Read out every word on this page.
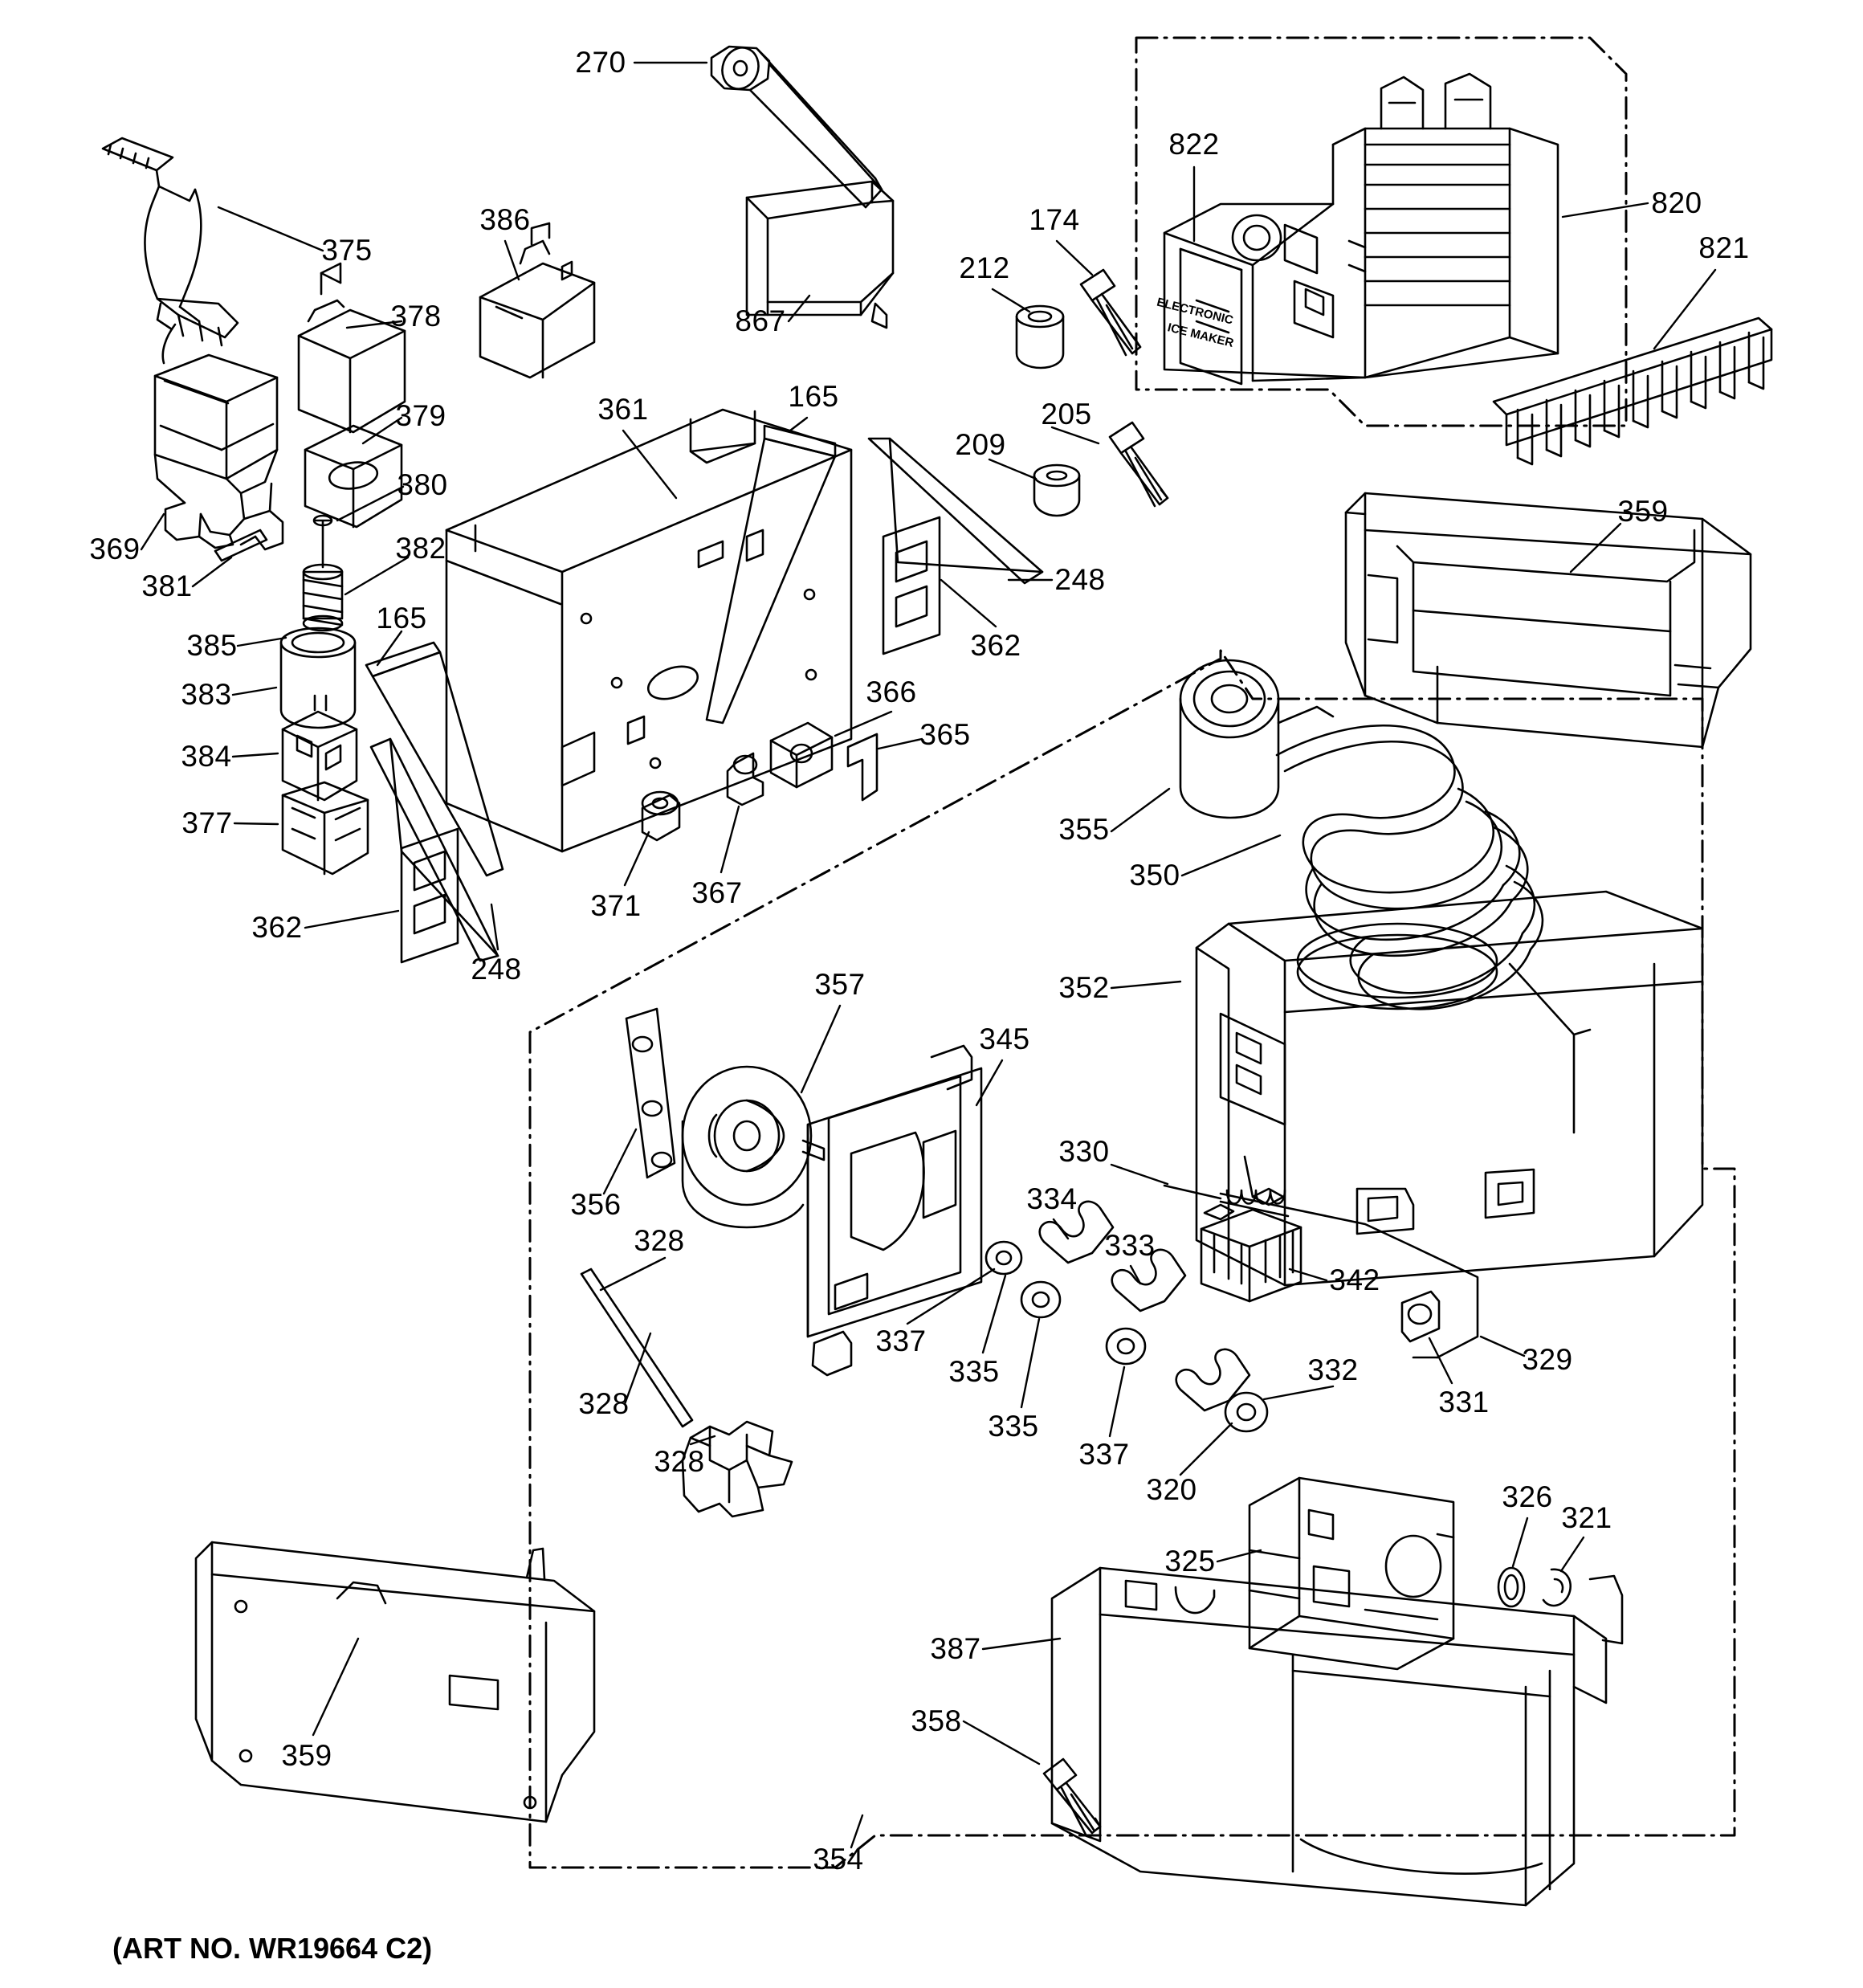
ELECTRONIC
ICE MAKER
270
375
386
867
212
174
822
820
821
378
379
380
361	165
205
209
369
381
382
385
165
248
362
359
383
384
366
365
377	355
350
362
248
371 367
352
357
345
330
356	334
333
342
328
337
335
335
332	329
331
328
337
320
328
326
321
325
387
359
358
354
(ART NO. WR19664 C2)
